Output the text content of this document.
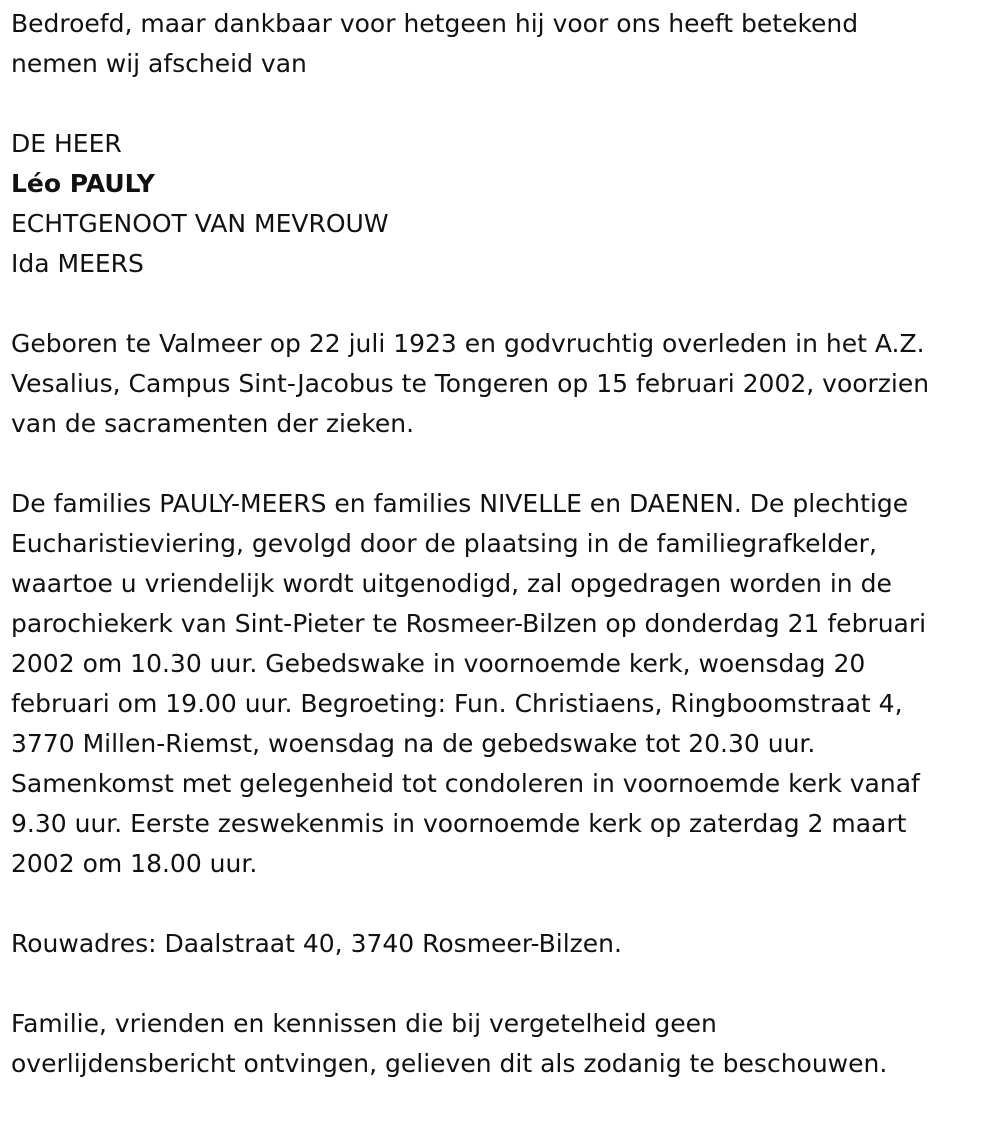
Bedroefd, maar dankbaar voor hetgeen hij voor ons heeft betekend
nemen wij afscheid van
DE HEER
Léo PAULY
ECHTGENOOT VAN MEVROUW
Ida MEERS
Geboren te Valmeer op 22 juli 1923 en godvruchtig overleden in het A.Z.
Vesalius, Campus Sint-Jacobus te Tongeren op 15 februari 2002, voorzien
van de sacramenten der zieken.
De families PAULY-MEERS en families NIVELLE en DAENEN. De plechtige
Eucharistieviering, gevolgd door de plaatsing in de familiegrafkelder,
waartoe u vriendelijk wordt uitgenodigd, zal opgedragen worden in de
parochiekerk van Sint-Pieter te Rosmeer-Bilzen op donderdag 21 februari
2002 om 10.30 uur. Gebedswake in voornoemde kerk, woensdag 20
februari om 19.00 uur. Begroeting: Fun. Christiaens, Ringboomstraat 4,
3770 Millen-Riemst, woensdag na de gebedswake tot 20.30 uur.
Samenkomst met gelegenheid tot condoleren in voornoemde kerk vanaf
9.30 uur. Eerste zeswekenmis in voornoemde kerk op zaterdag 2 maart
2002 om 18.00 uur.
Rouwadres: Daalstraat 40, 3740 Rosmeer-Bilzen.
Familie, vrienden en kennissen die bij vergetelheid geen
overlijdensbericht ontvingen, gelieven dit als zodanig te beschouwen.
